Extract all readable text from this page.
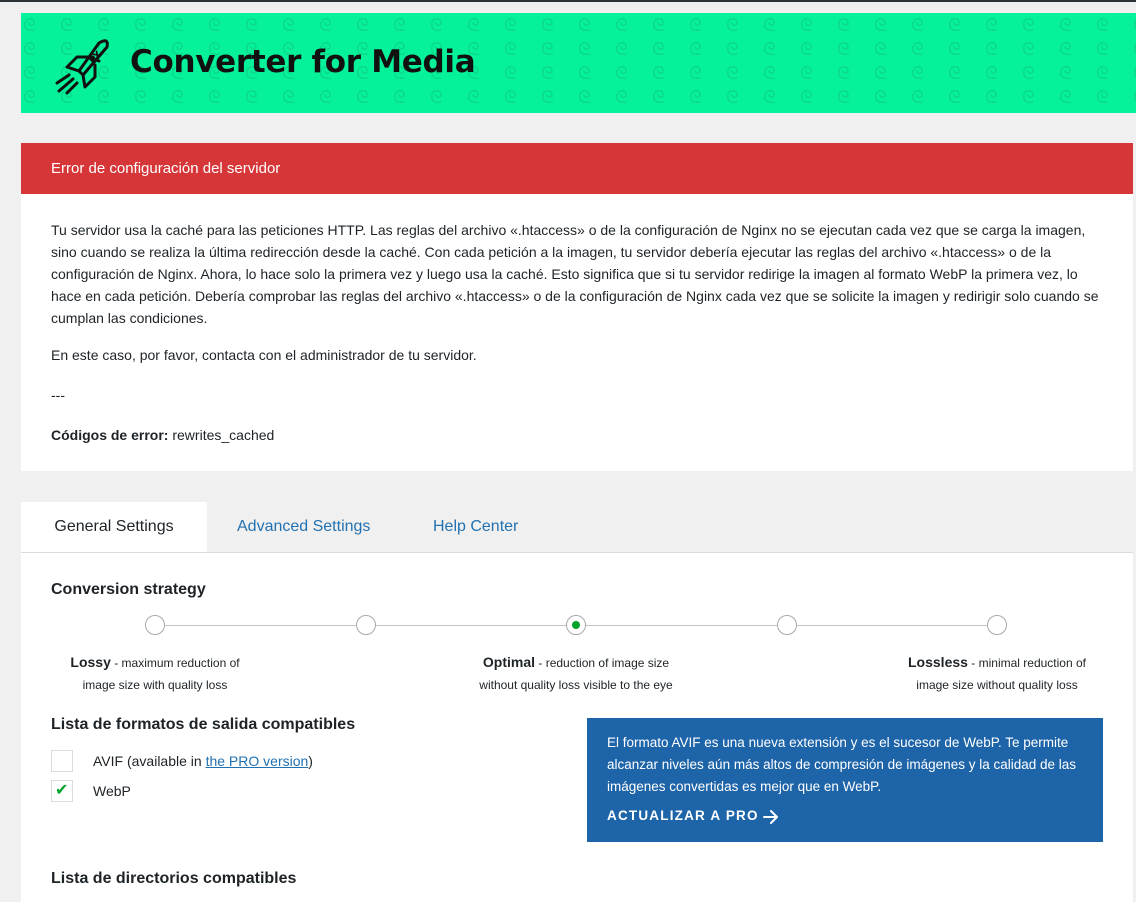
PX Converter for Media
Error de configuración del servidor

Tu servidor usa la caché para las peticiones HTTP. Las reglas del archivo «.htaccess» o de la configuración de Nginx no se ejecutan cada vez que se carga la imagen, sino cuando se realiza la última redirección desde la caché. Con cada petición a la imagen, tu servidor debería ejecutar las reglas del archivo «.htaccess» o de la configuración de Nginx. Ahora, lo hace solo la primera vez y luego usa la caché. Esto significa que si tu servidor redirige la imagen al formato WebP la primera vez, lo hace en cada petición. Debería comprobar las reglas del archivo «.htaccess» o de la configuración de Nginx cada vez que se solicite la imagen y redirigir solo cuando se cumplan las condiciones.

En este caso, por favor, contacta con el administrador de tu servidor.

---

Códigos de error: rewrites_cached

General Settings	Advanced Settings	Help Center

Conversion strategy

Lossy - maximum reduction of
image size with quality loss
Optimal - reduction of image size
without quality loss visible to the eye
Lossless - minimal reduction of
image size without quality loss

Lista de formatos de salida compatibles

AVIF (available in the PRO version)
✔ WebP

El formato AVIF es una nueva extensión y es el sucesor de WebP. Te permite alcanzar niveles aún más altos de compresión de imágenes y la calidad de las imágenes convertidas es mejor que en WebP.

ACTUALIZAR A PRO

Lista de directorios compatibles
